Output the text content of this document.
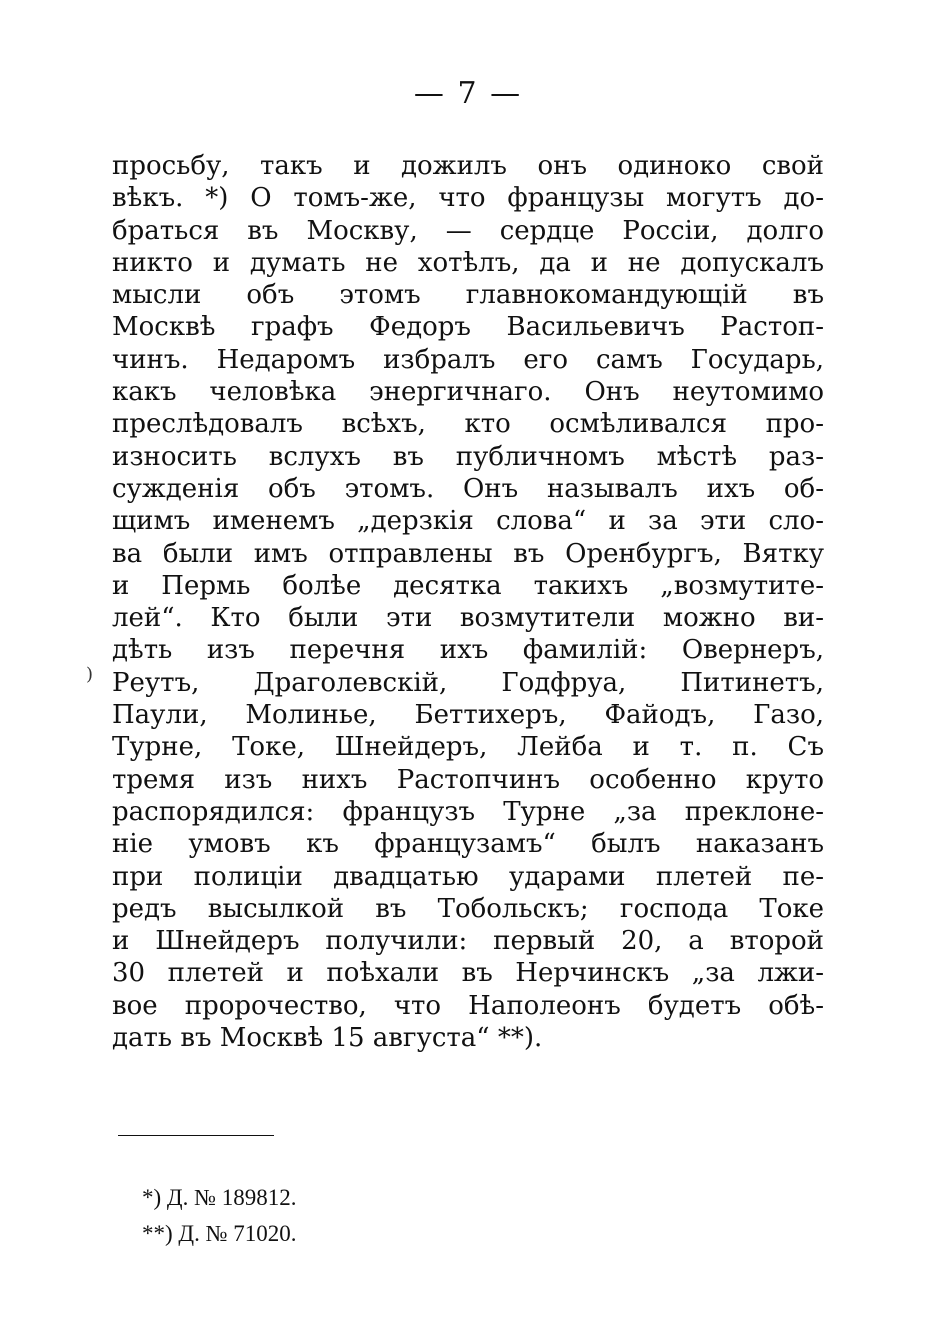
— 7 —
)
просьбу, такъ и дожилъ онъ одиноко свой
вѣкъ. *) О томъ-же, что французы могутъ до-
браться въ Москву, — сердце Россіи, долго
никто и думать не хотѣлъ, да и не допускалъ
мысли объ этомъ главнокомандующій въ
Москвѣ графъ Федоръ Васильевичъ Растоп-
чинъ. Недаромъ избралъ его самъ Государь,
какъ человѣка энергичнаго. Онъ неутомимо
преслѣдовалъ всѣхъ, кто осмѣливался про-
износить вслухъ въ публичномъ мѣстѣ раз-
сужденія объ этомъ. Онъ называлъ ихъ об-
щимъ именемъ „дерзкія слова“ и за эти сло-
ва были имъ отправлены въ Оренбургъ, Вятку
и Пермь болѣе десятка такихъ „возмутите-
лей“. Кто были эти возмутители можно ви-
дѣть изъ перечня ихъ фамилій: Овернеръ,
Реутъ, Драголевскій, Годфруа, Питинетъ,
Паули, Молинье, Беттихеръ, Файодъ, Газо,
Турне, Токе, Шнейдеръ, Лейба и т. п. Съ
тремя изъ нихъ Растопчинъ особенно круто
распорядился: французъ Турне „за преклоне-
ніе умовъ къ французамъ“ былъ наказанъ
при полиціи двадцатью ударами плетей пе-
редъ высылкой въ Тобольскъ; господа Токе
и Шнейдеръ получили: первый 20, а второй
30 плетей и поѣхали въ Нерчинскъ „за лжи-
вое пророчество, что Наполеонъ будетъ обѣ-
дать въ Москвѣ 15 августа“ **).
*) Д. № 189812.
**) Д. № 71020.
